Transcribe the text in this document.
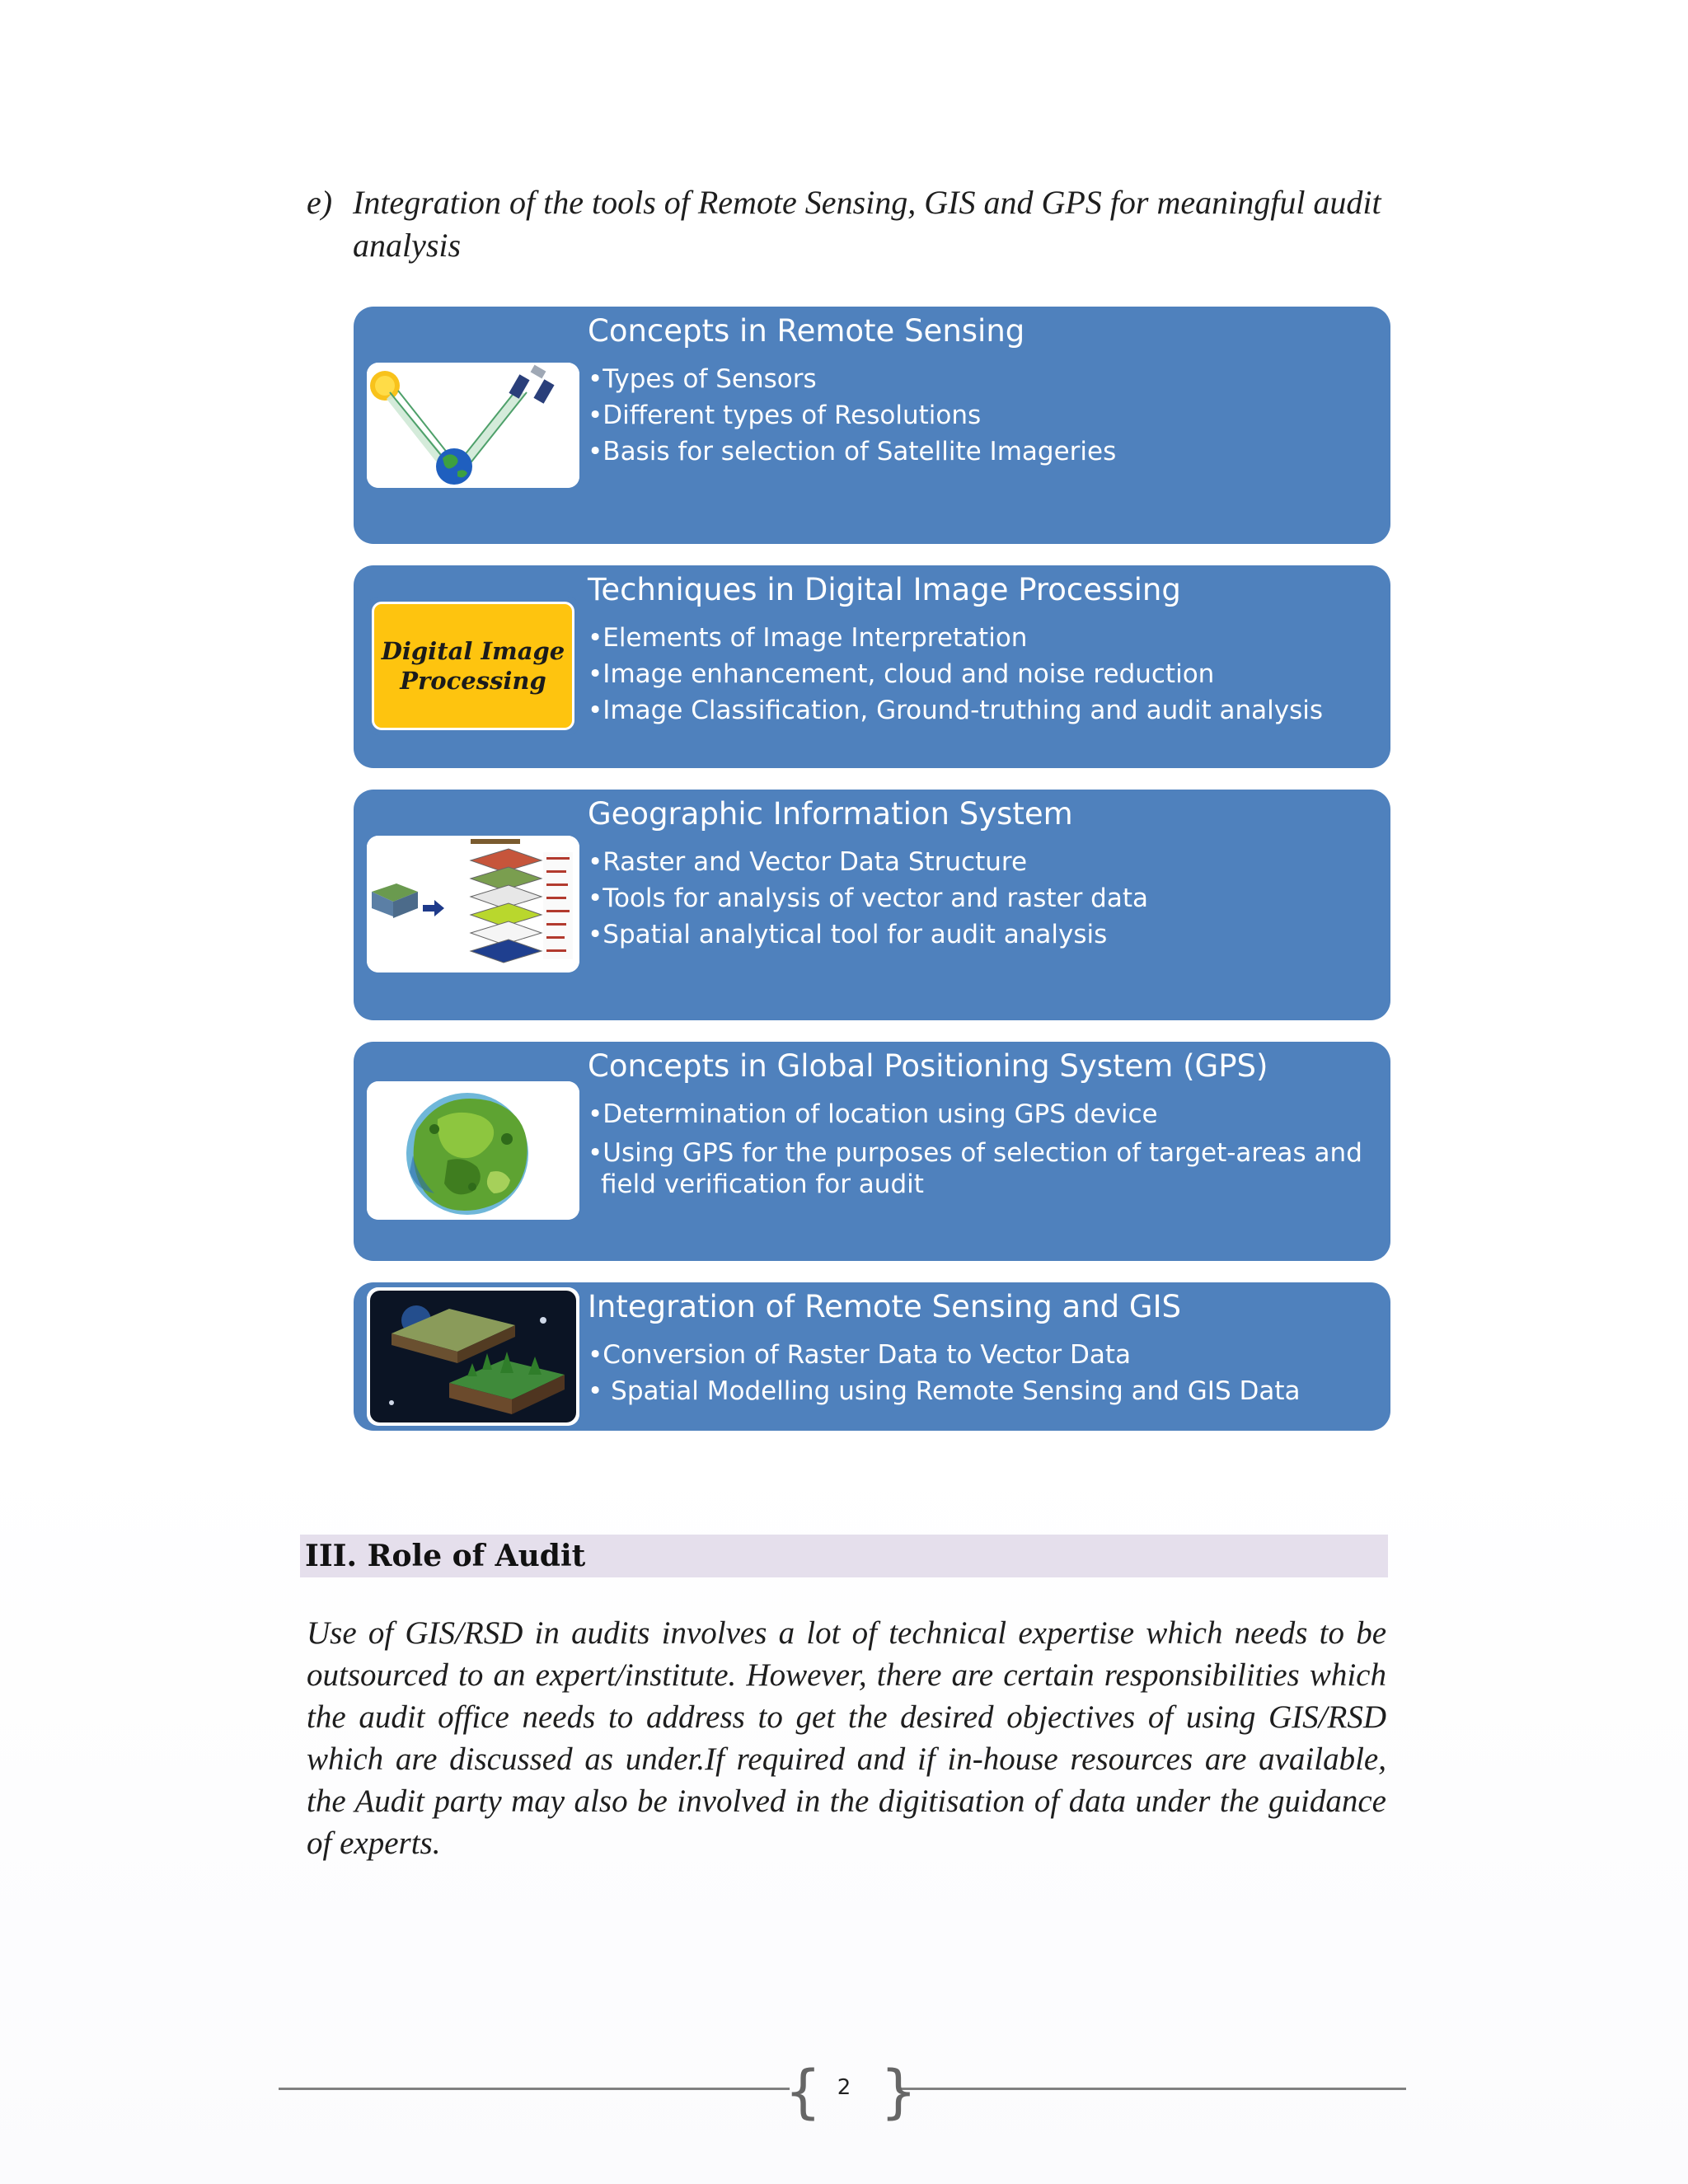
e) Integration of the tools of Remote Sensing, GIS and GPS for meaningful audit analysis
Concepts in Remote Sensing
• Types of Sensors
• Different types of Resolutions
• Basis for selection of Satellite Imageries
Digital Image Processing
Techniques in Digital Image Processing
• Elements of Image Interpretation
• Image enhancement, cloud and noise reduction
• Image Classification, Ground-truthing and audit analysis
Geographic Information System
• Raster and Vector Data Structure
• Tools for analysis of vector and raster data
• Spatial analytical tool for audit analysis
Concepts in Global Positioning System (GPS)
• Determination of location using GPS device
• Using GPS for the purposes of selection of target-areas and field verification for audit
Integration of Remote Sensing and GIS
• Conversion of Raster Data to Vector Data
• Spatial Modelling using Remote Sensing and GIS Data
III. Role of Audit
Use of GIS/RSD in audits involves a lot of technical expertise which needs to be outsourced to an expert/institute. However, there are certain responsibilities which the audit office needs to address to get the desired objectives of using GIS/RSD which are discussed as under.If required and if in-house resources are available, the Audit party may also be involved in the digitisation of data under the guidance of experts.
{ }
2
